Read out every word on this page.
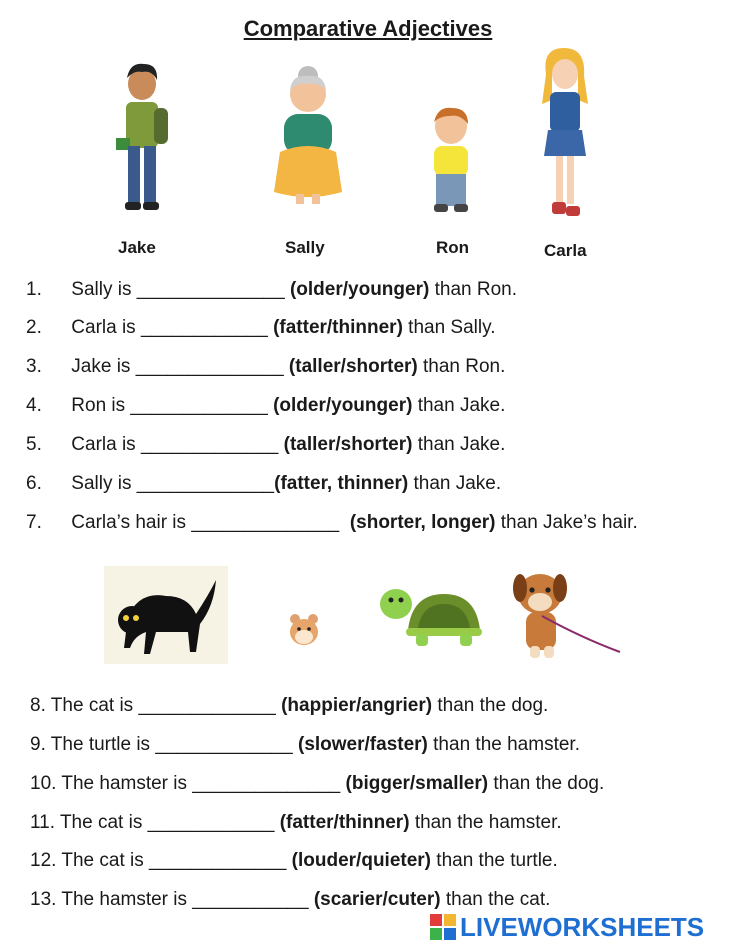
Comparative Adjectives
Jake	Sally	Ron	Carla
1. Sally is ______________ (older/younger) than Ron.
2. Carla is ____________ (fatter/thinner) than Sally.
3. Jake is ______________ (taller/shorter) than Ron.
4. Ron is _____________ (older/younger) than Jake.
5. Carla is _____________ (taller/shorter) than Jake.
6. Sally is _____________(fatter, thinner) than Jake.
7. Carla’s hair is ______________ (shorter, longer) than Jake’s hair.
8. The cat is _____________ (happier/angrier) than the dog.
9. The turtle is _____________ (slower/faster) than the hamster.
10. The hamster is ______________ (bigger/smaller) than the dog.
11. The cat is ____________ (fatter/thinner) than the hamster.
12. The cat is _____________ (louder/quieter) than the turtle.
13. The hamster is ___________ (scarier/cuter) than the cat.
LIVEWORKSHEETS
